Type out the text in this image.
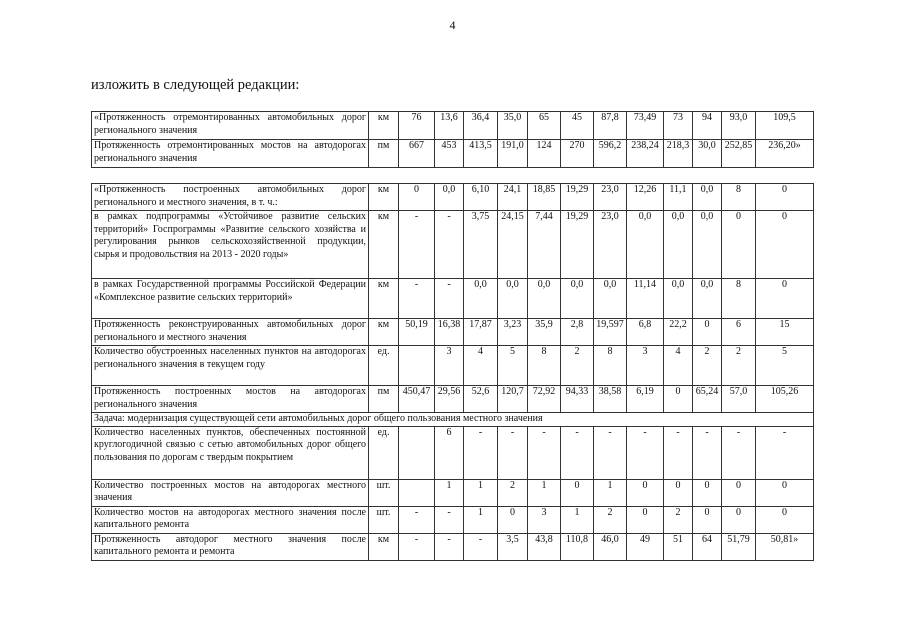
4
изложить в следующей редакции:
«Протяженность отремонтированных автомобильных дорог регионального значения	км	76	13,6	36,4	35,0	65	45	87,8	73,49	73	94	93,0	109,5
Протяженность отремонтированных мостов на автодорогах регионального значения	пм	667	453	413,5	191,0	124	270	596,2	238,24	218,3	30,0	252,85	236,20»
«Протяженность построенных автомобильных дорог регионального и местного значения, в т. ч.:	км	0	0,0	6,10	24,1	18,85	19,29	23,0	12,26	11,1	0,0	8	0
в рамках подпрограммы «Устойчивое развитие сельских территорий» Госпрограммы «Развитие сельского хозяйства и регулирования рынков сельскохозяйственной продукции, сырья и продовольствия на 2013 - 2020 годы»	км	-	-	3,75	24,15	7,44	19,29	23,0	0,0	0,0	0,0	0	0
в рамках Государственной программы Российской Федерации «Комплексное развитие сельских территорий»	км	-	-	0,0	0,0	0,0	0,0	0,0	11,14	0,0	0,0	8	0
Протяженность реконструированных автомобильных дорог регионального и местного значения	км	50,19	16,38	17,87	3,23	35,9	2,8	19,597	6,8	22,2	0	6	15
Количество обустроенных населенных пунктов на автодорогах регионального значения в текущем году	ед.		3	4	5	8	2	8	3	4	2	2	5
Протяженность построенных мостов на автодорогах регионального значения	пм	450,47	29,56	52,6	120,7	72,92	94,33	38,58	6,19	0	65,24	57,0	105,26
Задача: модернизация существующей сети автомобильных дорог общего пользования местного значения													
Количество населенных пунктов, обеспеченных постоянной круглогодичной связью с сетью автомобильных дорог общего пользования по дорогам с твердым покрытием	ед.		6	-	-	-	-	-	-	-	-	-	-
Количество построенных мостов на автодорогах местного значения	шт.		1	1	2	1	0	1	0	0	0	0	0
Количество мостов на автодорогах местного значения после капитального ремонта	шт.	-	-	1	0	3	1	2	0	2	0	0	0
Протяженность автодорог местного значения после капитального ремонта и ремонта	км	-	-	-	3,5	43,8	110,8	46,0	49	51	64	51,79	50,81»
